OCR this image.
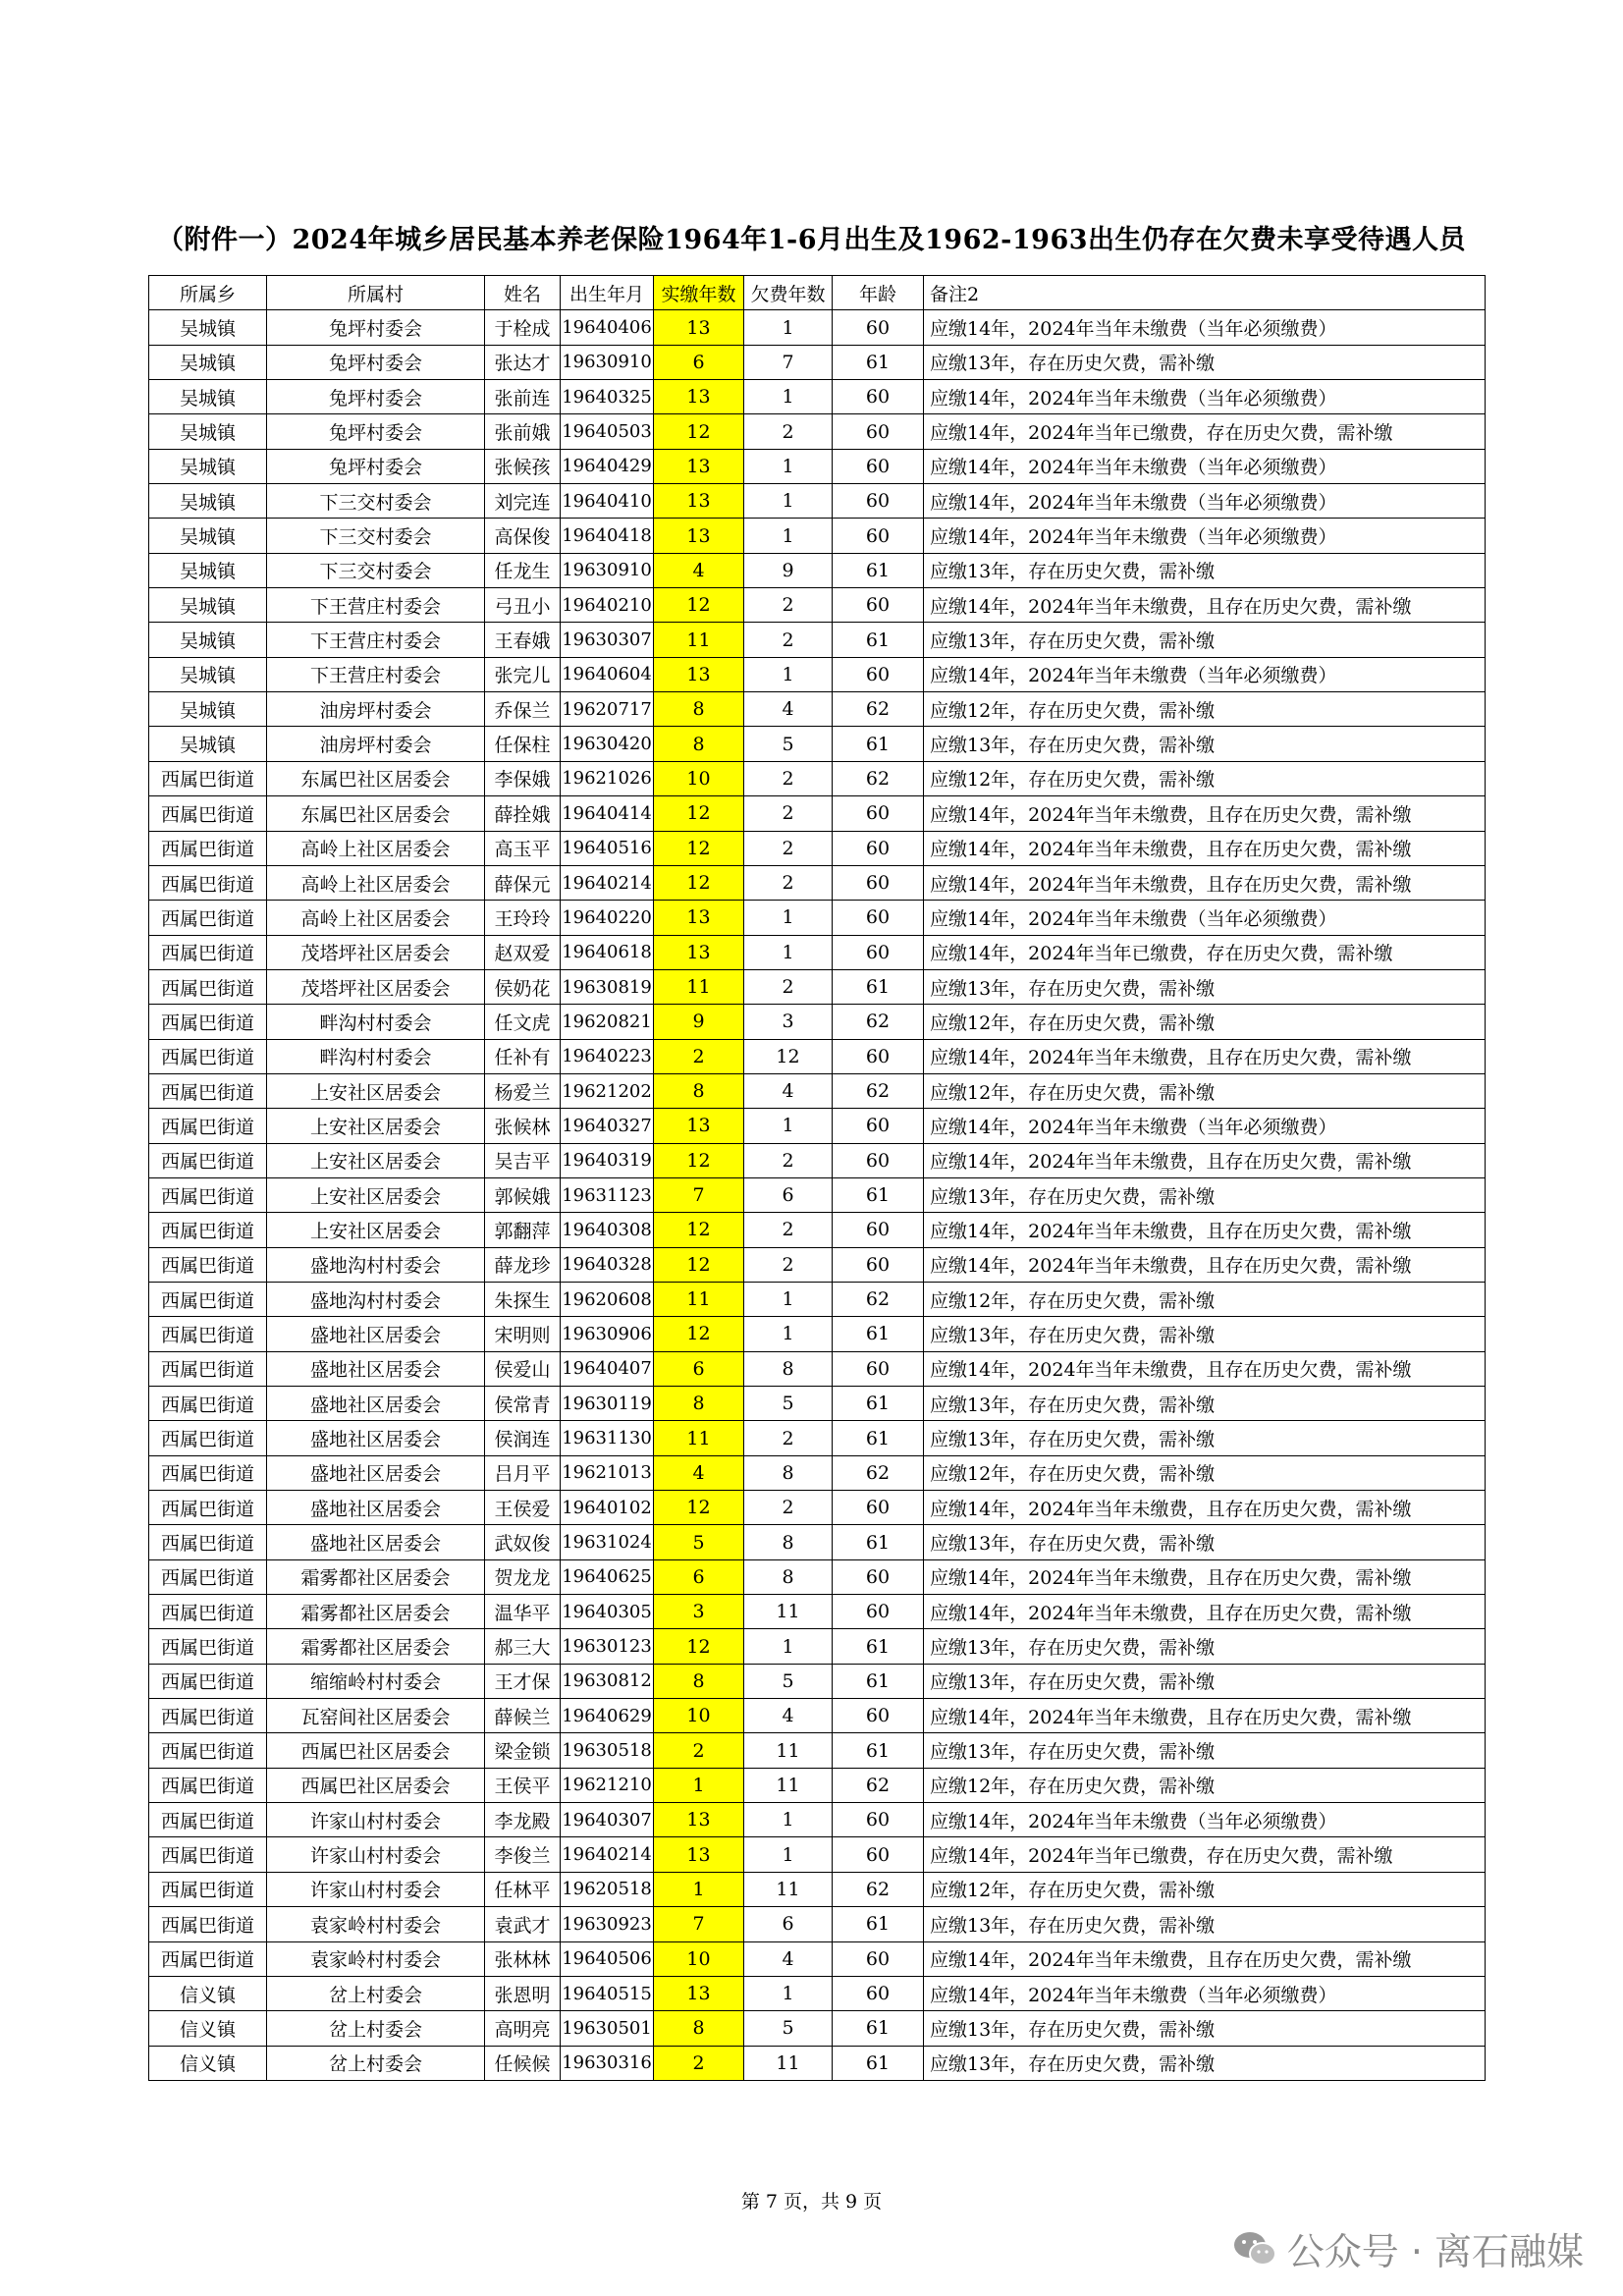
（附件一）2024年城乡居民基本养老保险1964年1-6月出生及1962-1963出生仍存在欠费未享受待遇人员
所属乡	所属村	姓名	出生年月	实缴年数	欠费年数	年龄	备注2
吴城镇	兔坪村委会	于栓成	19640406	13	1	60	应缴14年，2024年当年未缴费（当年必须缴费）
吴城镇	兔坪村委会	张达才	19630910	6	7	61	应缴13年，存在历史欠费，需补缴
吴城镇	兔坪村委会	张前连	19640325	13	1	60	应缴14年，2024年当年未缴费（当年必须缴费）
吴城镇	兔坪村委会	张前娥	19640503	12	2	60	应缴14年，2024年当年已缴费，存在历史欠费，需补缴
吴城镇	兔坪村委会	张候孩	19640429	13	1	60	应缴14年，2024年当年未缴费（当年必须缴费）
吴城镇	下三交村委会	刘完连	19640410	13	1	60	应缴14年，2024年当年未缴费（当年必须缴费）
吴城镇	下三交村委会	高保俊	19640418	13	1	60	应缴14年，2024年当年未缴费（当年必须缴费）
吴城镇	下三交村委会	任龙生	19630910	4	9	61	应缴13年，存在历史欠费，需补缴
吴城镇	下王营庄村委会	弓丑小	19640210	12	2	60	应缴14年，2024年当年未缴费，且存在历史欠费，需补缴
吴城镇	下王营庄村委会	王春娥	19630307	11	2	61	应缴13年，存在历史欠费，需补缴
吴城镇	下王营庄村委会	张完儿	19640604	13	1	60	应缴14年，2024年当年未缴费（当年必须缴费）
吴城镇	油房坪村委会	乔保兰	19620717	8	4	62	应缴12年，存在历史欠费，需补缴
吴城镇	油房坪村委会	任保柱	19630420	8	5	61	应缴13年，存在历史欠费，需补缴
西属巴街道	东属巴社区居委会	李保娥	19621026	10	2	62	应缴12年，存在历史欠费，需补缴
西属巴街道	东属巴社区居委会	薛拴娥	19640414	12	2	60	应缴14年，2024年当年未缴费，且存在历史欠费，需补缴
西属巴街道	高岭上社区居委会	高玉平	19640516	12	2	60	应缴14年，2024年当年未缴费，且存在历史欠费，需补缴
西属巴街道	高岭上社区居委会	薛保元	19640214	12	2	60	应缴14年，2024年当年未缴费，且存在历史欠费，需补缴
西属巴街道	高岭上社区居委会	王玲玲	19640220	13	1	60	应缴14年，2024年当年未缴费（当年必须缴费）
西属巴街道	茂塔坪社区居委会	赵双爱	19640618	13	1	60	应缴14年，2024年当年已缴费，存在历史欠费，需补缴
西属巴街道	茂塔坪社区居委会	侯奶花	19630819	11	2	61	应缴13年，存在历史欠费，需补缴
西属巴街道	畔沟村村委会	任文虎	19620821	9	3	62	应缴12年，存在历史欠费，需补缴
西属巴街道	畔沟村村委会	任补有	19640223	2	12	60	应缴14年，2024年当年未缴费，且存在历史欠费，需补缴
西属巴街道	上安社区居委会	杨爱兰	19621202	8	4	62	应缴12年，存在历史欠费，需补缴
西属巴街道	上安社区居委会	张候林	19640327	13	1	60	应缴14年，2024年当年未缴费（当年必须缴费）
西属巴街道	上安社区居委会	吴吉平	19640319	12	2	60	应缴14年，2024年当年未缴费，且存在历史欠费，需补缴
西属巴街道	上安社区居委会	郭候娥	19631123	7	6	61	应缴13年，存在历史欠费，需补缴
西属巴街道	上安社区居委会	郭翻萍	19640308	12	2	60	应缴14年，2024年当年未缴费，且存在历史欠费，需补缴
西属巴街道	盛地沟村村委会	薛龙珍	19640328	12	2	60	应缴14年，2024年当年未缴费，且存在历史欠费，需补缴
西属巴街道	盛地沟村村委会	朱探生	19620608	11	1	62	应缴12年，存在历史欠费，需补缴
西属巴街道	盛地社区居委会	宋明则	19630906	12	1	61	应缴13年，存在历史欠费，需补缴
西属巴街道	盛地社区居委会	侯爱山	19640407	6	8	60	应缴14年，2024年当年未缴费，且存在历史欠费，需补缴
西属巴街道	盛地社区居委会	侯常青	19630119	8	5	61	应缴13年，存在历史欠费，需补缴
西属巴街道	盛地社区居委会	侯润连	19631130	11	2	61	应缴13年，存在历史欠费，需补缴
西属巴街道	盛地社区居委会	吕月平	19621013	4	8	62	应缴12年，存在历史欠费，需补缴
西属巴街道	盛地社区居委会	王侯爱	19640102	12	2	60	应缴14年，2024年当年未缴费，且存在历史欠费，需补缴
西属巴街道	盛地社区居委会	武奴俊	19631024	5	8	61	应缴13年，存在历史欠费，需补缴
西属巴街道	霜雾都社区居委会	贺龙龙	19640625	6	8	60	应缴14年，2024年当年未缴费，且存在历史欠费，需补缴
西属巴街道	霜雾都社区居委会	温华平	19640305	3	11	60	应缴14年，2024年当年未缴费，且存在历史欠费，需补缴
西属巴街道	霜雾都社区居委会	郝三大	19630123	12	1	61	应缴13年，存在历史欠费，需补缴
西属巴街道	缩缩岭村村委会	王才保	19630812	8	5	61	应缴13年，存在历史欠费，需补缴
西属巴街道	瓦窑间社区居委会	薛候兰	19640629	10	4	60	应缴14年，2024年当年未缴费，且存在历史欠费，需补缴
西属巴街道	西属巴社区居委会	梁金锁	19630518	2	11	61	应缴13年，存在历史欠费，需补缴
西属巴街道	西属巴社区居委会	王侯平	19621210	1	11	62	应缴12年，存在历史欠费，需补缴
西属巴街道	许家山村村委会	李龙殿	19640307	13	1	60	应缴14年，2024年当年未缴费（当年必须缴费）
西属巴街道	许家山村村委会	李俊兰	19640214	13	1	60	应缴14年，2024年当年已缴费，存在历史欠费，需补缴
西属巴街道	许家山村村委会	任林平	19620518	1	11	62	应缴12年，存在历史欠费，需补缴
西属巴街道	袁家岭村村委会	袁武才	19630923	7	6	61	应缴13年，存在历史欠费，需补缴
西属巴街道	袁家岭村村委会	张林林	19640506	10	4	60	应缴14年，2024年当年未缴费，且存在历史欠费，需补缴
信义镇	岔上村委会	张恩明	19640515	13	1	60	应缴14年，2024年当年未缴费（当年必须缴费）
信义镇	岔上村委会	高明亮	19630501	8	5	61	应缴13年，存在历史欠费，需补缴
信义镇	岔上村委会	任候候	19630316	2	11	61	应缴13年，存在历史欠费，需补缴
第 7 页，共 9 页
公众号 · 离石融媒
